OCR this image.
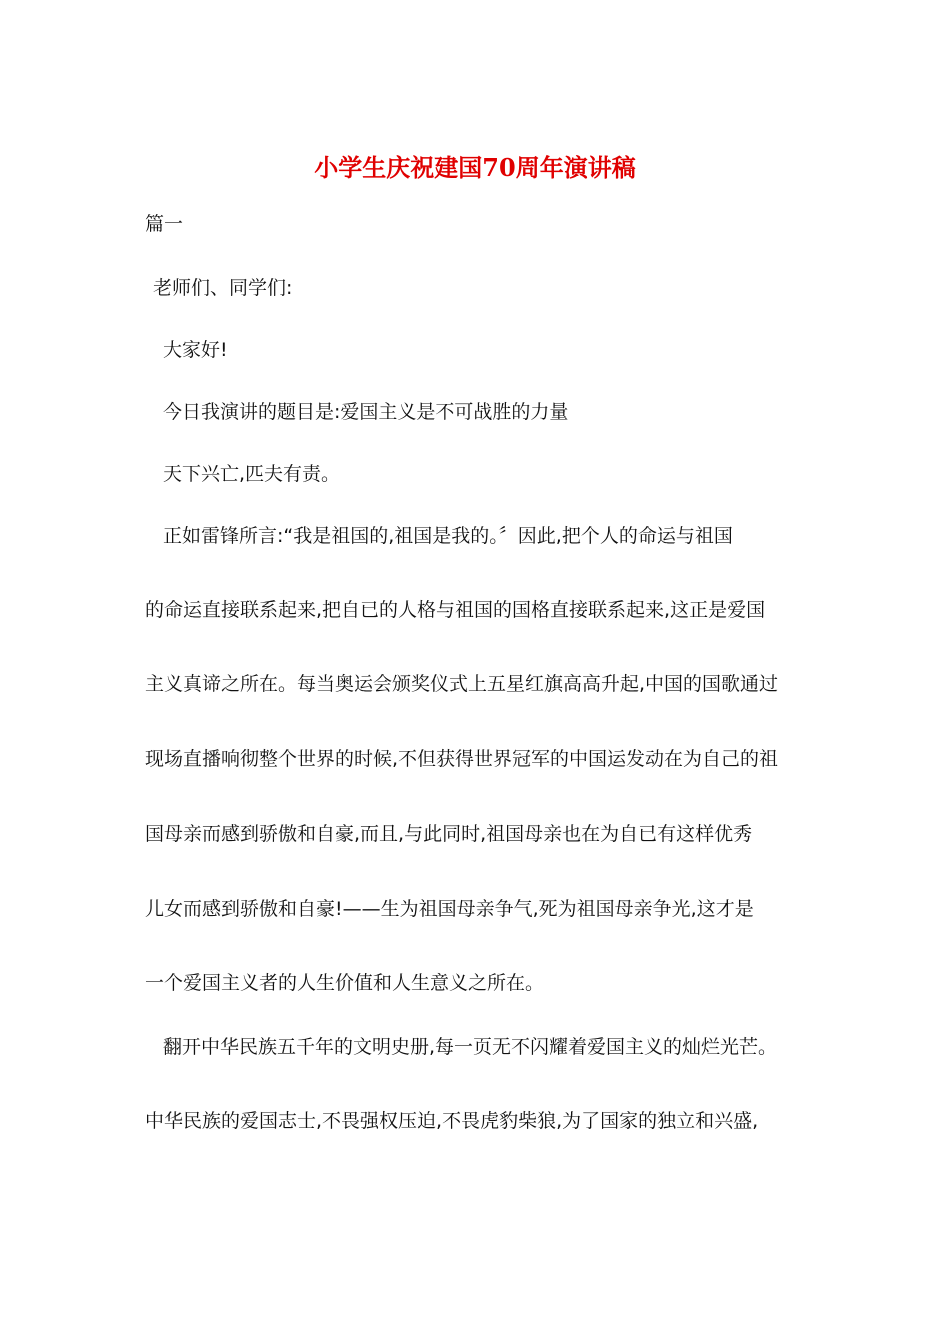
小学生庆祝建国70周年演讲稿

篇一

老师们、同学们:

大家好!

今日我演讲的题目是:爱国主义是不可战胜的力量

天下兴亡,匹夫有责。

正如雷锋所言:“我是祖国的,祖国是我的。〞因此,把个人的命运与祖国

的命运直接联系起来,把自已的人格与祖国的国格直接联系起来,这正是爱国

主义真谛之所在。每当奥运会颁奖仪式上五星红旗高高升起,中国的国歌通过

现场直播响彻整个世界的时候,不但获得世界冠军的中国运发动在为自己的祖

国母亲而感到骄傲和自豪,而且,与此同时,祖国母亲也在为自已有这样优秀

儿女而感到骄傲和自豪!——生为祖国母亲争气,死为祖国母亲争光,这才是

一个爱国主义者的人生价值和人生意义之所在。

翻开中华民族五千年的文明史册,每一页无不闪耀着爱国主义的灿烂光芒。

中华民族的爱国志士,不畏强权压迫,不畏虎豹柴狼,为了国家的独立和兴盛,
